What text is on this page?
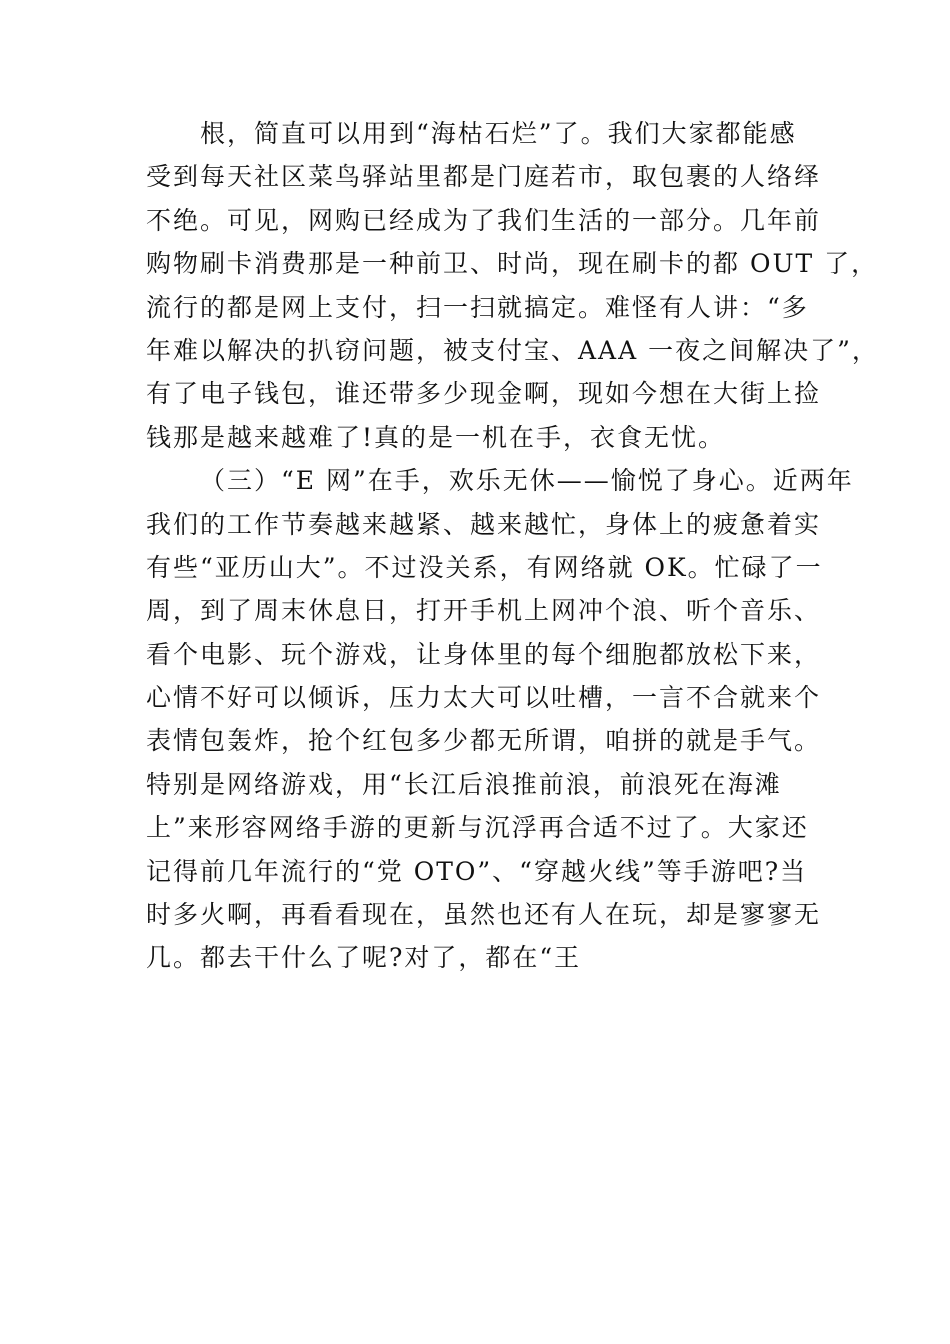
根，简直可以用到“海枯石烂”了。我们大家都能感
受到每天社区菜鸟驿站里都是门庭若市，取包裹的人络绎
不绝。可见，网购已经成为了我们生活的一部分。几年前
购物刷卡消费那是一种前卫、时尚，现在刷卡的都 OUT 了，
流行的都是网上支付，扫一扫就搞定。难怪有人讲：“多
年难以解决的扒窃问题，被支付宝、AAA 一夜之间解决了”，
有了电子钱包，谁还带多少现金啊，现如今想在大街上捡
钱那是越来越难了!真的是一机在手，衣食无忧。
（三）“E 网”在手，欢乐无休——愉悦了身心。近两年
我们的工作节奏越来越紧、越来越忙，身体上的疲惫着实
有些“亚历山大”。不过没关系，有网络就 OK。忙碌了一
周，到了周末休息日，打开手机上网冲个浪、听个音乐、
看个电影、玩个游戏，让身体里的每个细胞都放松下来，
心情不好可以倾诉，压力太大可以吐槽，一言不合就来个
表情包轰炸，抢个红包多少都无所谓，咱拼的就是手气。
特别是网络游戏，用“长江后浪推前浪，前浪死在海滩
上”来形容网络手游的更新与沉浮再合适不过了。大家还
记得前几年流行的“党 OTO”、“穿越火线”等手游吧?当
时多火啊，再看看现在，虽然也还有人在玩，却是寥寥无
几。都去干什么了呢?对了，都在“王
